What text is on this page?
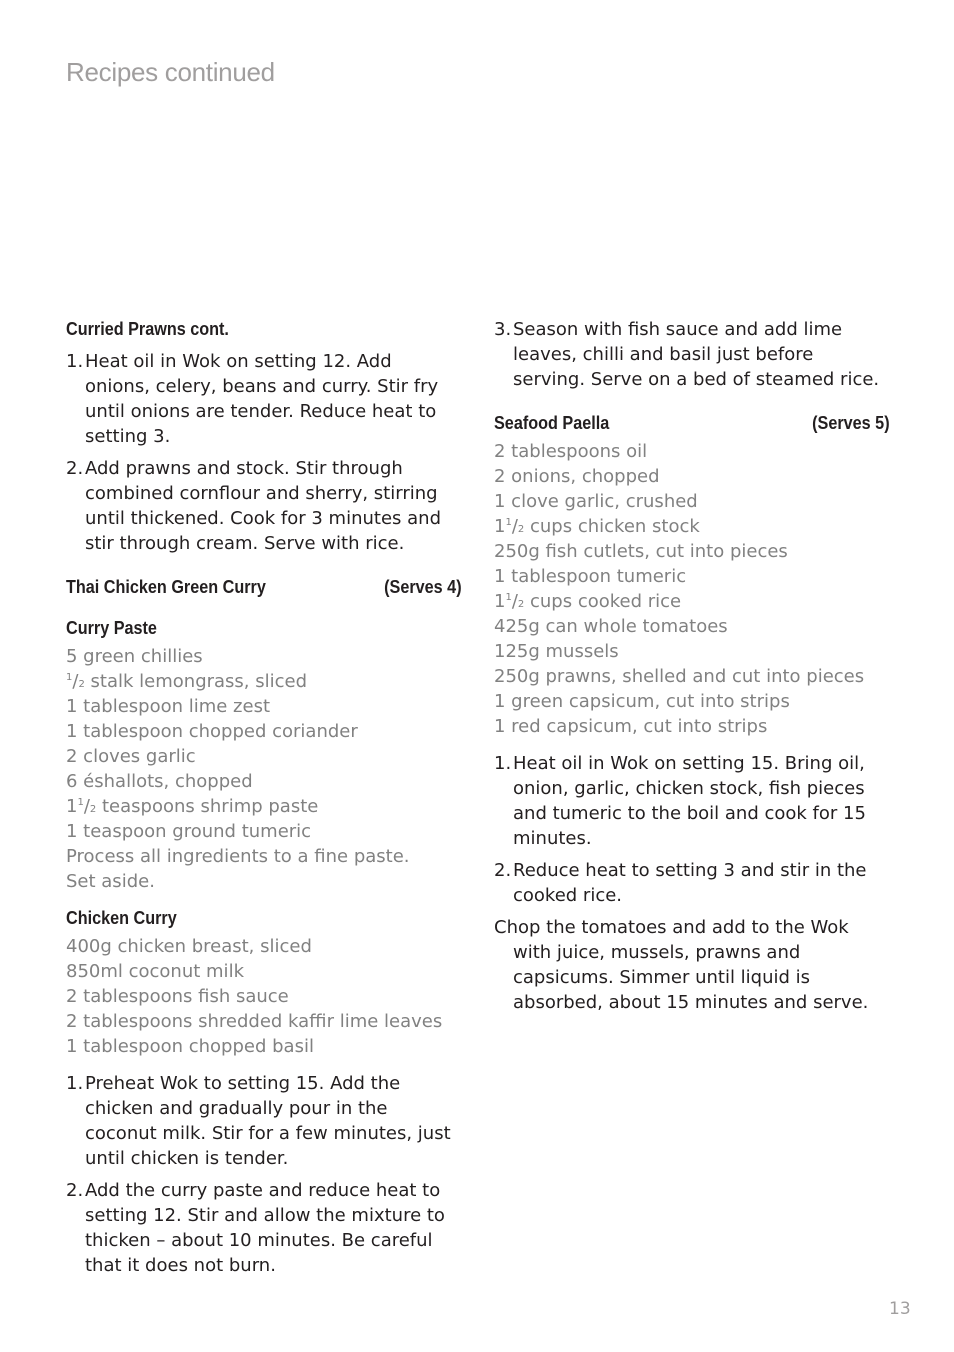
Recipes continued
Curried Prawns cont.
1. Heat oil in Wok on setting 12. Add onions, celery, beans and curry. Stir fry until onions are tender. Reduce heat to setting 3.
2. Add prawns and stock. Stir through combined cornflour and sherry, stirring until thickened. Cook for 3 minutes and stir through cream. Serve with rice.
Thai Chicken Green Curry	(Serves 4)
Curry Paste
5 green chillies
$^1$/2 stalk lemongrass, sliced
1 tablespoon lime zest
1 tablespoon chopped coriander
2 cloves garlic
6 éshallots, chopped
$1^1/2$ teaspoons shrimp paste
1 teaspoon ground tumeric
Process all ingredients to a fine paste.
Set aside.
Chicken Curry
400g chicken breast, sliced
850ml coconut milk
2 tablespoons fish sauce
2 tablespoons shredded kaffir lime leaves
1 tablespoon chopped basil
1. Preheat Wok to setting 15. Add the chicken and gradually pour in the coconut milk. Stir for a few minutes, just until chicken is tender.
2. Add the curry paste and reduce heat to setting 12. Stir and allow the mixture to thicken – about 10 minutes. Be careful that it does not burn.
3. Season with fish sauce and add lime leaves, chilli and basil just before serving. Serve on a bed of steamed rice.
Seafood Paella	(Serves 5)
2 tablespoons oil
2 onions, chopped
1 clove garlic, crushed
$1^1/2$ cups chicken stock
250g fish cutlets, cut into pieces
1 tablespoon tumeric
$1^1/2$ cups cooked rice
425g can whole tomatoes
125g mussels
250g prawns, shelled and cut into pieces
1 green capsicum, cut into strips
1 red capsicum, cut into strips
1. Heat oil in Wok on setting 15. Bring oil, onion, garlic, chicken stock, fish pieces and tumeric to the boil and cook for 15 minutes.
2. Reduce heat to setting 3 and stir in the cooked rice.

Chop the tomatoes and add to the Wok with juice, mussels, prawns and capsicums. Simmer until liquid is absorbed, about 15 minutes and serve.

13
